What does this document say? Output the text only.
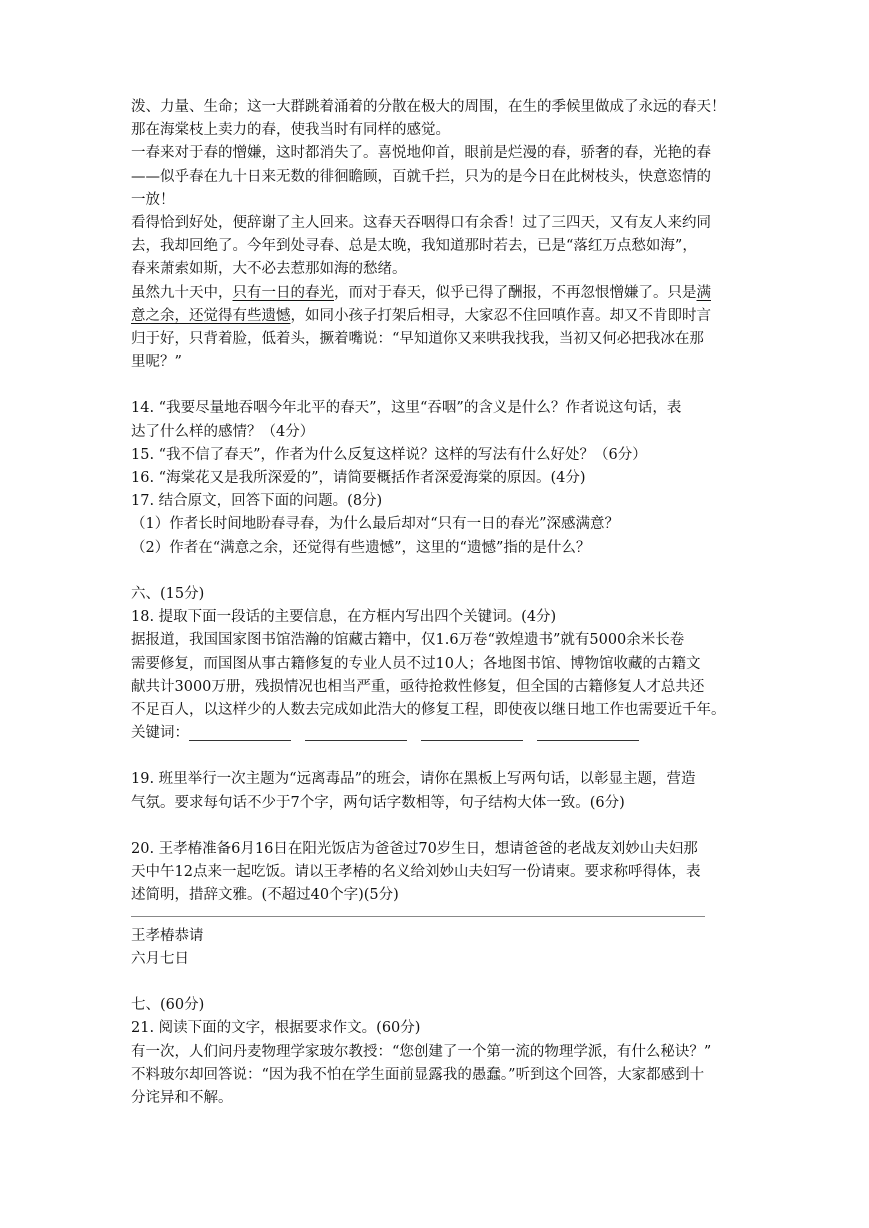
泼、力量、生命；这一大群跳着涌着的分散在极大的周围，在生的季候里做成了永远的春天！
那在海棠枝上卖力的春，使我当时有同样的感觉。
一春来对于春的憎嫌，这时都消失了。喜悦地仰首，眼前是烂漫的春，骄奢的春，光艳的春
——似乎春在九十日来无数的徘徊瞻顾，百就千拦，只为的是今日在此树枝头，快意恣情的
一放！
看得恰到好处，便辞谢了主人回来。这春天吞咽得口有余香！过了三四天，又有友人来约同
去，我却回绝了。今年到处寻春、总是太晚，我知道那时若去，已是“落红万点愁如海”，
春来萧索如斯，大不必去惹那如海的愁绪。
虽然九十天中，只有一日的春光，而对于春天，似乎已得了酬报，不再忽恨憎嫌了。只是满
意之余，还觉得有些遗憾，如同小孩子打架后相寻，大家忍不住回嗔作喜。却又不肯即时言
归于好，只背着脸，低着头，撅着嘴说：“早知道你又来哄我找我，当初又何必把我冰在那
里呢？”
14. “我要尽量地吞咽今年北平的春天”，这里“吞咽”的含义是什么？作者说这句话，表
达了什么样的感情？（4分）
15. “我不信了春天”，作者为什么反复这样说？这样的写法有什么好处？（6分）
16. “海棠花又是我所深爱的”，请简要概括作者深爱海棠的原因。(4分)
17. 结合原文，回答下面的问题。(8分)
（1）作者长时间地盼春寻春，为什么最后却对“只有一日的春光”深感满意？
（2）作者在“满意之余，还觉得有些遗憾”，这里的“遗憾”指的是什么？
六、(15分)
18. 提取下面一段话的主要信息，在方框内写出四个关键词。(4分)
据报道，我国国家图书馆浩瀚的馆藏古籍中，仅1.6万卷“敦煌遗书”就有5000余米长卷
需要修复，而国图从事古籍修复的专业人员不过10人；各地图书馆、博物馆收藏的古籍文
献共计3000万册，残损情况也相当严重，亟待抢救性修复，但全国的古籍修复人才总共还
不足百人，以这样少的人数去完成如此浩大的修复工程，即使夜以继日地工作也需要近千年。
关键词：
19. 班里举行一次主题为“远离毒品”的班会，请你在黑板上写两句话，以彰显主题，营造
气氛。要求每句话不少于7个字，两句话字数相等，句子结构大体一致。(6分)
20. 王孝椿准备6月16日在阳光饭店为爸爸过70岁生日，想请爸爸的老战友刘妙山夫妇那
天中午12点来一起吃饭。请以王孝椿的名义给刘妙山夫妇写一份请柬。要求称呼得体，表
述简明，措辞文雅。(不超过40个字)(5分)
王孝椿恭请
六月七日
七、(60分)
21. 阅读下面的文字，根据要求作文。(60分)
有一次，人们问丹麦物理学家玻尔教授：“您创建了一个第一流的物理学派，有什么秘诀？”
不料玻尔却回答说：“因为我不怕在学生面前显露我的愚蠢。”听到这个回答，大家都感到十
分诧异和不解。
